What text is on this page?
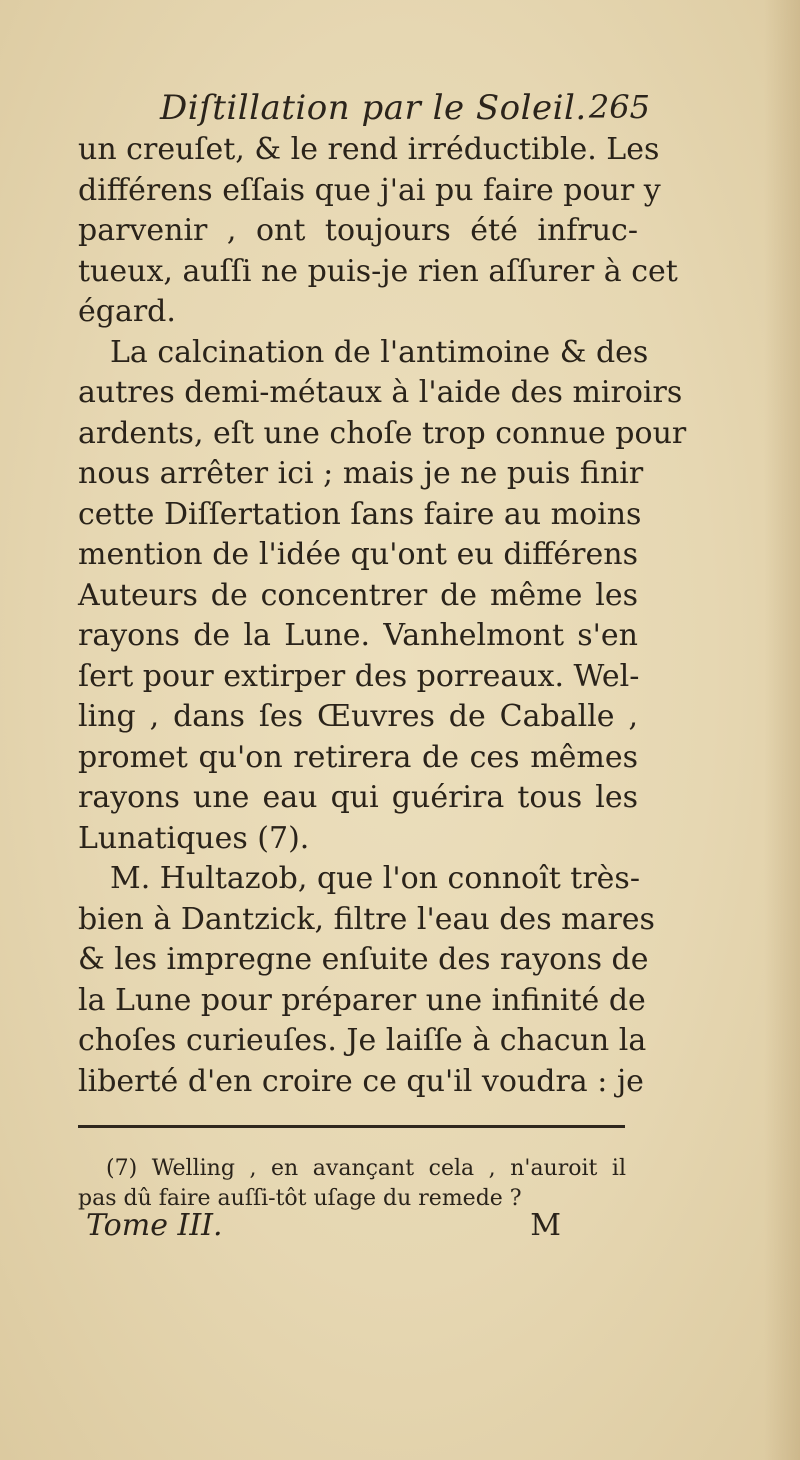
Diſtillation par le Soleil. 265
un creuſet, & le rend irréductible. Les
différens eſſais que j'ai pu faire pour y
parvenir , ont toujours été infruc-
tueux, auſſi ne puis-je rien aſſurer à cet
égard.
La calcination de l'antimoine & des
autres demi-métaux à l'aide des miroirs
ardents, eſt une choſe trop connue pour
nous arrêter ici ; mais je ne puis finir
cette Diſſertation ſans faire au moins
mention de l'idée qu'ont eu différens
Auteurs de concentrer de même les
rayons de la Lune. Vanhelmont s'en
ſert pour extirper des porreaux. Wel-
ling , dans ſes Œuvres de Caballe ,
promet qu'on retirera de ces mêmes
rayons une eau qui guérira tous les
Lunatiques (7).
M. Hultazob, que l'on connoît très-
bien à Dantzick, filtre l'eau des mares
& les impregne enſuite des rayons de
la Lune pour préparer une infinité de
choſes curieuſes. Je laiſſe à chacun la
liberté d'en croire ce qu'il voudra : je
(7) Welling , en avançant cela , n'auroit il
pas dû faire auſſi-tôt uſage du remede ?
Tome III.	M
